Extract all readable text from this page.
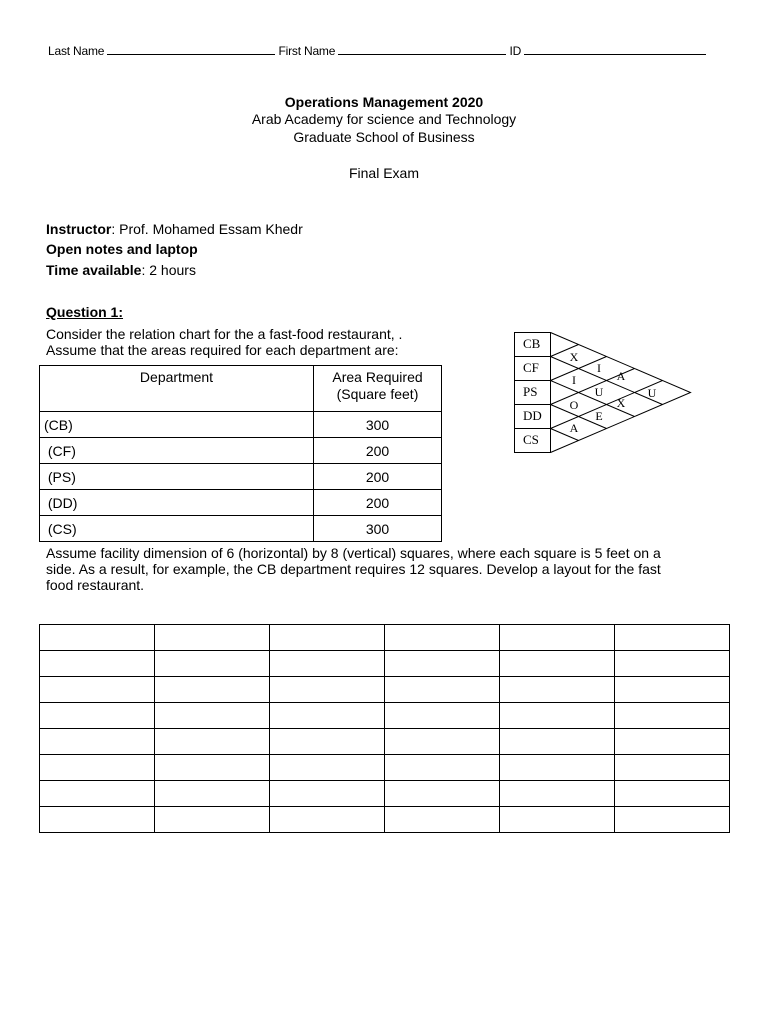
Last Name	First Name	ID
Operations Management 2020
Arab Academy for science and Technology
Graduate School of Business
Final Exam
Instructor: Prof. Mohamed Essam Khedr
Open notes and laptop
Time available: 2 hours
Question 1:
Consider the relation chart for the a fast-food restaurant, .
Assume that the areas required for each department are:
Department	Area Required
(Square feet)

(CB)	300
(CF)	200
(PS)	200
(DD)	200
(CS)	300
CB
CF
PS
DD
CS
X
I
O
A
I
U
E
A
X
U
Assume facility dimension of 6 (horizontal) by 8 (vertical) squares, where each square is 5 feet on a
side. As a result, for example, the CB department requires 12 squares. Develop a layout for the fast
food restaurant.
